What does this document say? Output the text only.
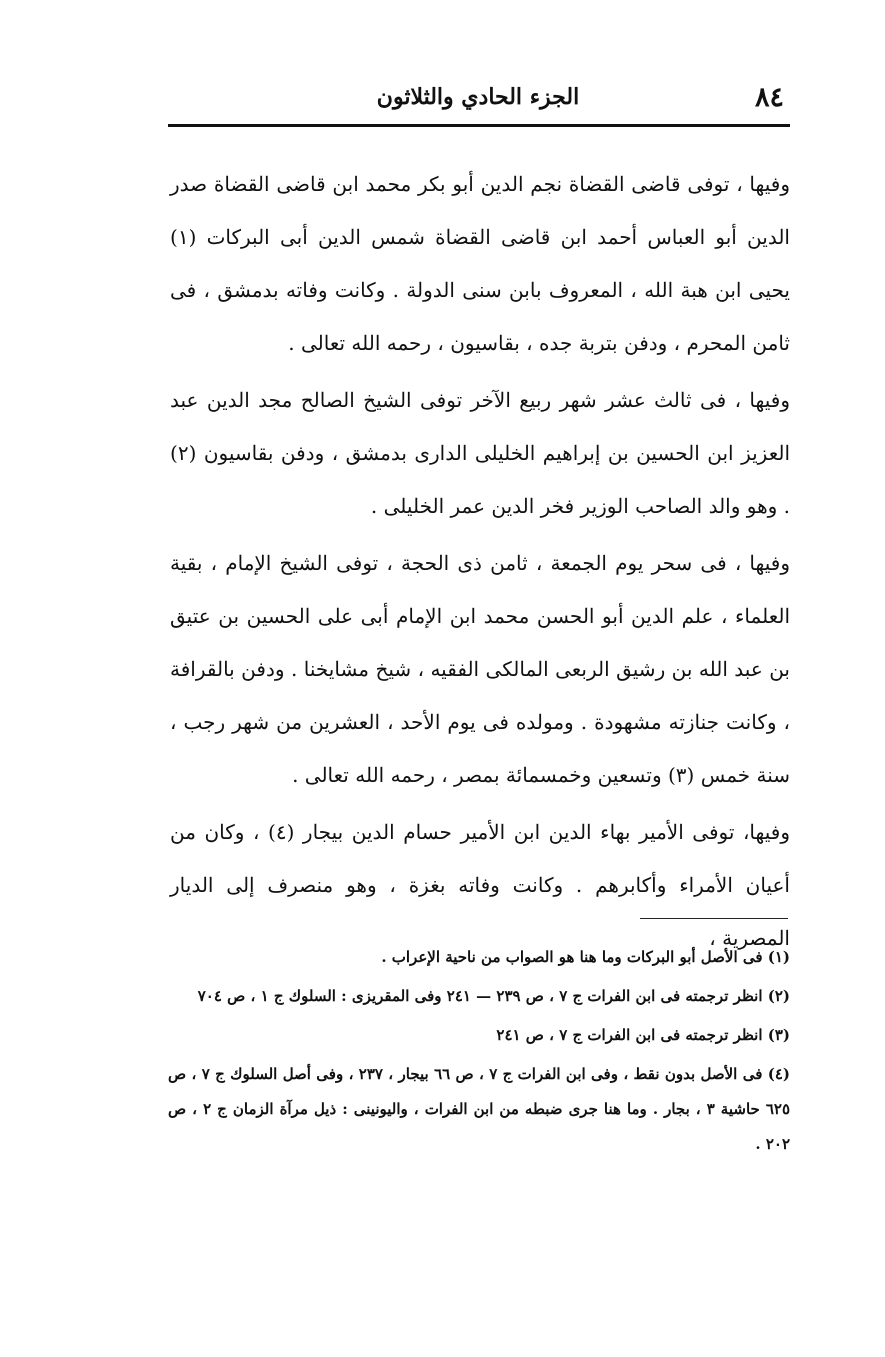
٨٤
الجزء الحادي والثلاثون

وفيها ، توفى قاضى القضاة نجم الدين أبو بكر محمد ابن قاضى القضاة صدر الدين أبو العباس أحمد ابن قاضى القضاة شمس الدين أبى البركات (١) يحيى ابن هبة الله ، المعروف بابن سنى الدولة . وكانت وفاته بدمشق ، فى ثامن المحرم ، ودفن بتربة جده ، بقاسيون ، رحمه الله تعالى .

وفيها ، فى ثالث عشر شهر ربيع الآخر توفى الشيخ الصالح مجد الدين عبد العزيز ابن الحسين بن إبراهيم الخليلى الدارى بدمشق ، ودفن بقاسيون (٢) . وهو والد الصاحب الوزير فخر الدين عمر الخليلى .

وفيها ، فى سحر يوم الجمعة ، ثامن ذى الحجة ، توفى الشيخ الإمام ، بقية العلماء ، علم الدين أبو الحسن محمد ابن الإمام أبى على الحسين بن عتيق بن عبد الله بن رشيق الربعى المالكى الفقيه ، شيخ مشايخنا . ودفن بالقرافة ، وكانت جنازته مشهودة . ومولده فى يوم الأحد ، العشرين من شهر رجب ، سنة خمس (٣) وتسعين وخمسمائة بمصر ، رحمه الله تعالى .

وفيها، توفى الأمير بهاء الدين ابن الأمير حسام الدين بيجار (٤) ، وكان من أعيان الأمراء وأكابرهم . وكانت وفاته بغزة ، وهو منصرف إلى الديار المصرية ،

(١) فى الأصل أبو البركات وما هنا هو الصواب من ناحية الإعراب .

(٢) انظر ترجمته فى ابن الفرات ج ٧ ، ص ٢٣٩ — ٢٤١ وفى المقريزى : السلوك ج ١ ، ص ٧٠٤

(٣) انظر ترجمته فى ابن الفرات ج ٧ ، ص ٢٤١

(٤) فى الأصل بدون نقط ، وفى ابن الفرات ج ٧ ، ص ٦٦ بيجار ، ٢٣٧ ، وفى أصل السلوك ج ٧ ، ص ٦٢٥ حاشية ٣ ، بجار . وما هنا جرى ضبطه من ابن الفرات ، واليونينى : ذيل مرآة الزمان ج ٢ ، ص ٢٠٢ .
